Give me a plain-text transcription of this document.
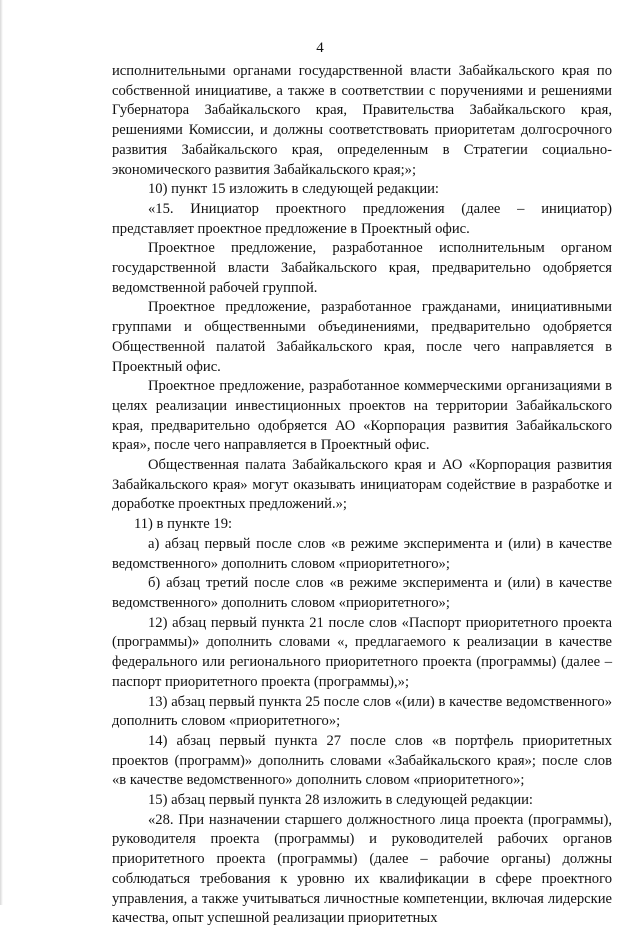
4

исполнительными органами государственной власти Забайкальского края по собственной инициативе, а также в соответствии с поручениями и решениями Губернатора Забайкальского края, Правительства Забайкальского края, решениями Комиссии, и должны соответствовать приоритетам долгосрочного развития Забайкальского края, определенным в Стратегии социально-экономического развития Забайкальского края;»;

10) пункт 15 изложить в следующей редакции:

«15. Инициатор проектного предложения (далее – инициатор) представляет проектное предложение в Проектный офис.

Проектное предложение, разработанное исполнительным органом государственной власти Забайкальского края, предварительно одобряется ведомственной рабочей группой.

Проектное предложение, разработанное гражданами, инициативными группами и общественными объединениями, предварительно одобряется Общественной палатой Забайкальского края, после чего направляется в Проектный офис.

Проектное предложение, разработанное коммерческими организациями в целях реализации инвестиционных проектов на территории Забайкальского края, предварительно одобряется АО «Корпорация развития Забайкальского края», после чего направляется в Проектный офис.

Общественная палата Забайкальского края и АО «Корпорация развития Забайкальского края» могут оказывать инициаторам содействие в разработке и доработке проектных предложений.»;

11) в пункте 19:

а) абзац первый после слов «в режиме эксперимента и (или) в качестве ведомственного» дополнить словом «приоритетного»;

б) абзац третий после слов «в режиме эксперимента и (или) в качестве ведомственного» дополнить словом «приоритетного»;

12) абзац первый пункта 21 после слов «Паспорт приоритетного проекта (программы)» дополнить словами «, предлагаемого к реализации в качестве федерального или регионального приоритетного проекта (программы) (далее – паспорт приоритетного проекта (программы),»;

13) абзац первый пункта 25 после слов «(или) в качестве ведомственного» дополнить словом «приоритетного»;

14) абзац первый пункта 27 после слов «в портфель приоритетных проектов (программ)» дополнить словами «Забайкальского края»; после слов «в качестве ведомственного» дополнить словом «приоритетного»;

15) абзац первый пункта 28 изложить в следующей редакции:

«28. При назначении старшего должностного лица проекта (программы), руководителя проекта (программы) и руководителей рабочих органов приоритетного проекта (программы) (далее – рабочие органы) должны соблюдаться требования к уровню их квалификации в сфере проектного управления, а также учитываться личностные компетенции, включая лидерские качества, опыт успешной реализации приоритетных
